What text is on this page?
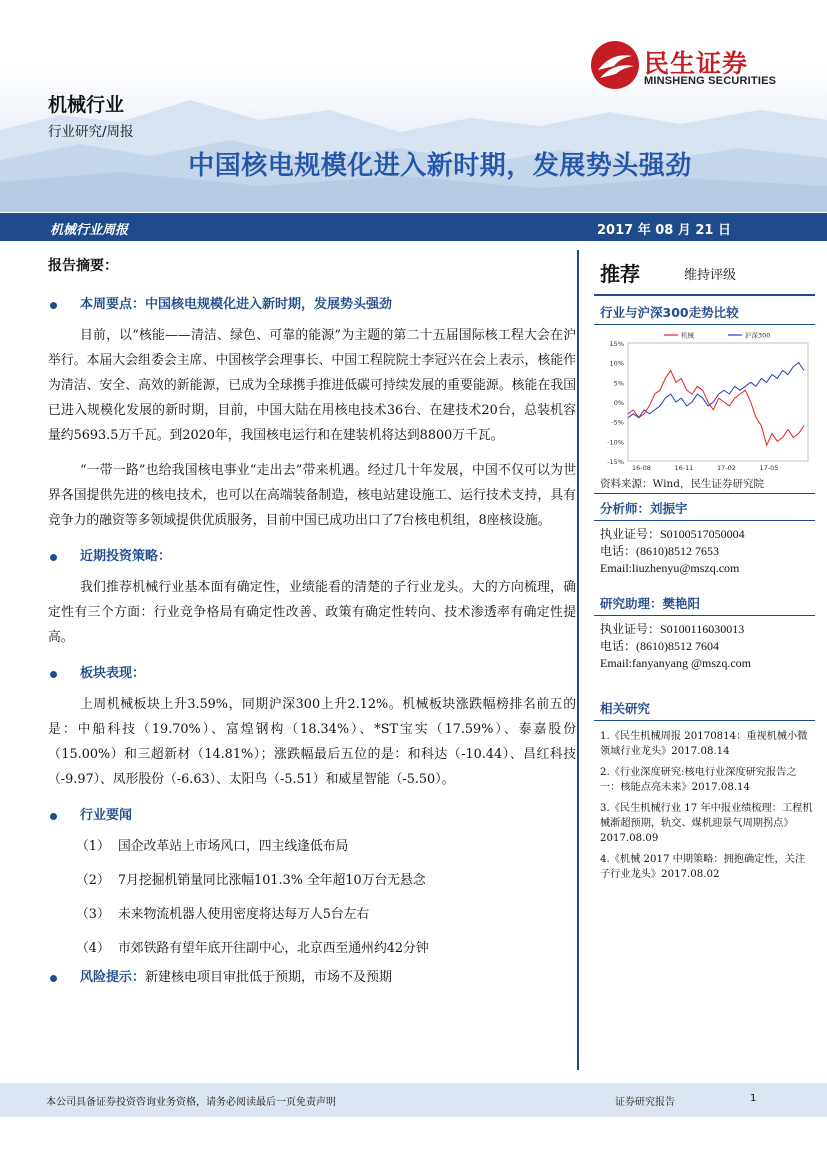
民生证券
MINSHENG SECURITIES
机械行业
行业研究/周报
中国核电规模化进入新时期，发展势头强劲
机械行业周报	2017 年 08 月 21 日
报告摘要：
本周要点：中国核电规模化进入新时期，发展势头强劲

目前，以“核能——清洁、绿色、可靠的能源”为主题的第二十五届国际核工程大会在沪举行。本届大会组委会主席、中国核学会理事长、中国工程院院士李冠兴在会上表示，核能作为清洁、安全、高效的新能源，已成为全球携手推进低碳可持续发展的重要能源。核能在我国已进入规模化发展的新时期，目前，中国大陆在用核电技术36台、在建技术20台，总装机容量约5693.5万千瓦。到2020年，我国核电运行和在建装机将达到8800万千瓦。

“一带一路”也给我国核电事业“走出去”带来机遇。经过几十年发展，中国不仅可以为世界各国提供先进的核电技术，也可以在高端装备制造，核电站建设施工、运行技术支持，具有竞争力的融资等多领域提供优质服务，目前中国已成功出口了7台核电机组，8座核设施。

近期投资策略：

我们推荐机械行业基本面有确定性，业绩能看的清楚的子行业龙头。大的方向梳理，确定性有三个方面：行业竞争格局有确定性改善、政策有确定性转向、技术渗透率有确定性提高。

板块表现：

上周机械板块上升3.59%，同期沪深300上升2.12%。机械板块涨跌幅榜排名前五的是：中船科技（19.70%）、富煌钢构（18.34%）、*ST宝实（17.59%）、泰嘉股份（15.00%）和三超新材（14.81%）；涨跌幅最后五位的是：和科达（-10.44）、昌红科技（-9.97）、凤形股份（-6.63）、太阳鸟（-5.51）和威星智能（-5.50）。

行业要闻
（1） 国企改革站上市场风口，四主线逢低布局
（2） 7月挖掘机销量同比涨幅101.3% 全年超10万台无悬念
（3） 未来物流机器人使用密度将达每万人5台左右
（4） 市郊铁路有望年底开往副中心，北京西至通州约42分钟
风险提示：新建核电项目审批低于预期，市场不及预期
推荐	维持评级
行业与沪深300走势比较
15%
10%
5%
0%
-5%
-10%
-15%
16-08	16-11	17-02	17-05
机械	沪深300
资料来源：Wind，民生证券研究院
分析师：刘振宇
执业证号：S0100517050004
电话：(8610)8512 7653
Email:liuzhenyu@mszq.com
研究助理：樊艳阳
执业证号：S0100116030013
电话：(8610)8512 7604
Email:fanyanyang @mszq.com
相关研究

1.《民生机械周报 20170814：重视机械小微领域行业龙头》2017.08.14

2.《行业深度研究:核电行业深度研究报告之一：核能点亮未来》2017.08.14

3.《民生机械行业 17 年中报业绩梳理：工程机械渐超预期，轨交、煤机迎景气周期拐点》2017.08.09

4.《机械 2017 中期策略：拥抱确定性，关注子行业龙头》2017.08.02

本公司具备证券投资咨询业务资格，请务必阅读最后一页免责声明	证券研究报告	1
